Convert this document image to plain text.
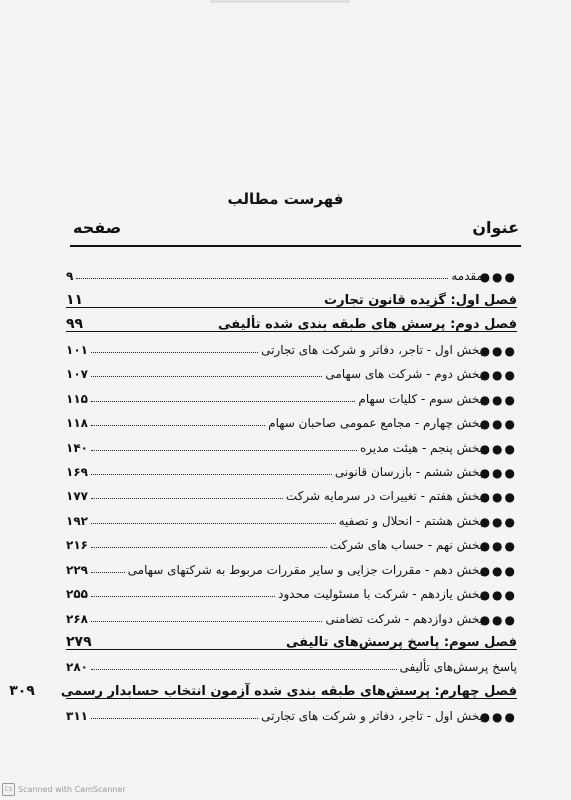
فهرست مطالب
عنوان
صفحه
●●●
مقدمه
۹
فصل اول: گزیده قانون تجارت
۱۱
فصل دوم: پرسش های طبقه بندی شده تألیفی
۹۹
●●●
بخش اول - تاجر، دفاتر و شرکت های تجارتی
۱۰۱
●●●
بخش دوم - شرکت های سهامی
۱۰۷
●●●
بخش سوم - کلیات سهام
۱۱۵
●●●
بخش چهارم - مجامع عمومی صاحبان سهام
۱۱۸
●●●
بخش پنجم - هیئت مدیره
۱۴۰
●●●
بخش ششم - بازرسان قانونی
۱۶۹
●●●
بخش هفتم - تغییرات در سرمایه شرکت
۱۷۷
●●●
بخش هشتم - انحلال و تصفیه
۱۹۲
●●●
بخش نهم - حساب های شرکت
۲۱۶
●●●
بخش دهم - مقررات جزایی و سایر مقررات مربوط به شرکتهای سهامی
۲۲۹
●●●
بخش یازدهم - شرکت با مسئولیت محدود
۲۵۵
●●●
بخش دوازدهم - شرکت تضامنی
۲۶۸
فصل سوم: پاسخ پرسش‌های تالیفی
۲۷۹
پاسخ پرسش‌های تألیفی
۲۸۰
فصل چهارم: پرسش‌های طبقه بندی شده آزمون انتخاب حسابدار رسمی
۳۰۹
●●●
بخش اول - تاجر، دفاتر و شرکت های تجارتی
۳۱۱
CS Scanned with CamScanner
